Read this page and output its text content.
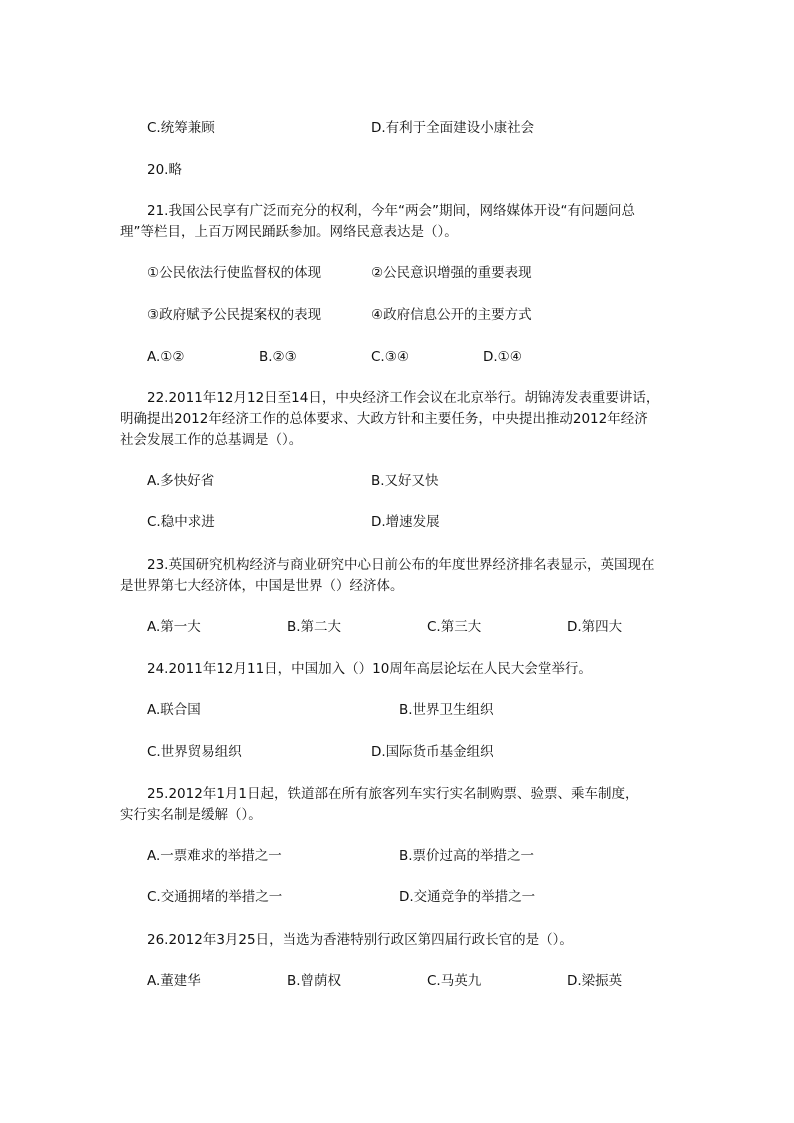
C.统筹兼顾	D.有利于全面建设小康社会
20.略
21.我国公民享有广泛而充分的权利，今年“两会”期间，网络媒体开设“有问题问总
理”等栏目，上百万网民踊跃参加。网络民意表达是（）。
①公民依法行使监督权的体现	②公民意识增强的重要表现
③政府赋予公民提案权的表现	④政府信息公开的主要方式
A.①②	B.②③	C.③④	D.①④
22.2011年12月12日至14日，中央经济工作会议在北京举行。胡锦涛发表重要讲话，
明确提出2012年经济工作的总体要求、大政方针和主要任务，中央提出推动2012年经济
社会发展工作的总基调是（）。
A.多快好省	B.又好又快
C.稳中求进	D.增速发展
23.英国研究机构经济与商业研究中心日前公布的年度世界经济排名表显示，英国现在
是世界第七大经济体，中国是世界（）经济体。
A.第一大	B.第二大	C.第三大	D.第四大
24.2011年12月11日，中国加入（）10周年高层论坛在人民大会堂举行。
A.联合国	B.世界卫生组织
C.世界贸易组织	D.国际货币基金组织
25.2012年1月1日起，铁道部在所有旅客列车实行实名制购票、验票、乘车制度，
实行实名制是缓解（）。
A.一票难求的举措之一	B.票价过高的举措之一
C.交通拥堵的举措之一	D.交通竞争的举措之一
26.2012年3月25日，当选为香港特别行政区第四届行政长官的是（）。
A.董建华	B.曾荫权	C.马英九	D.梁振英
